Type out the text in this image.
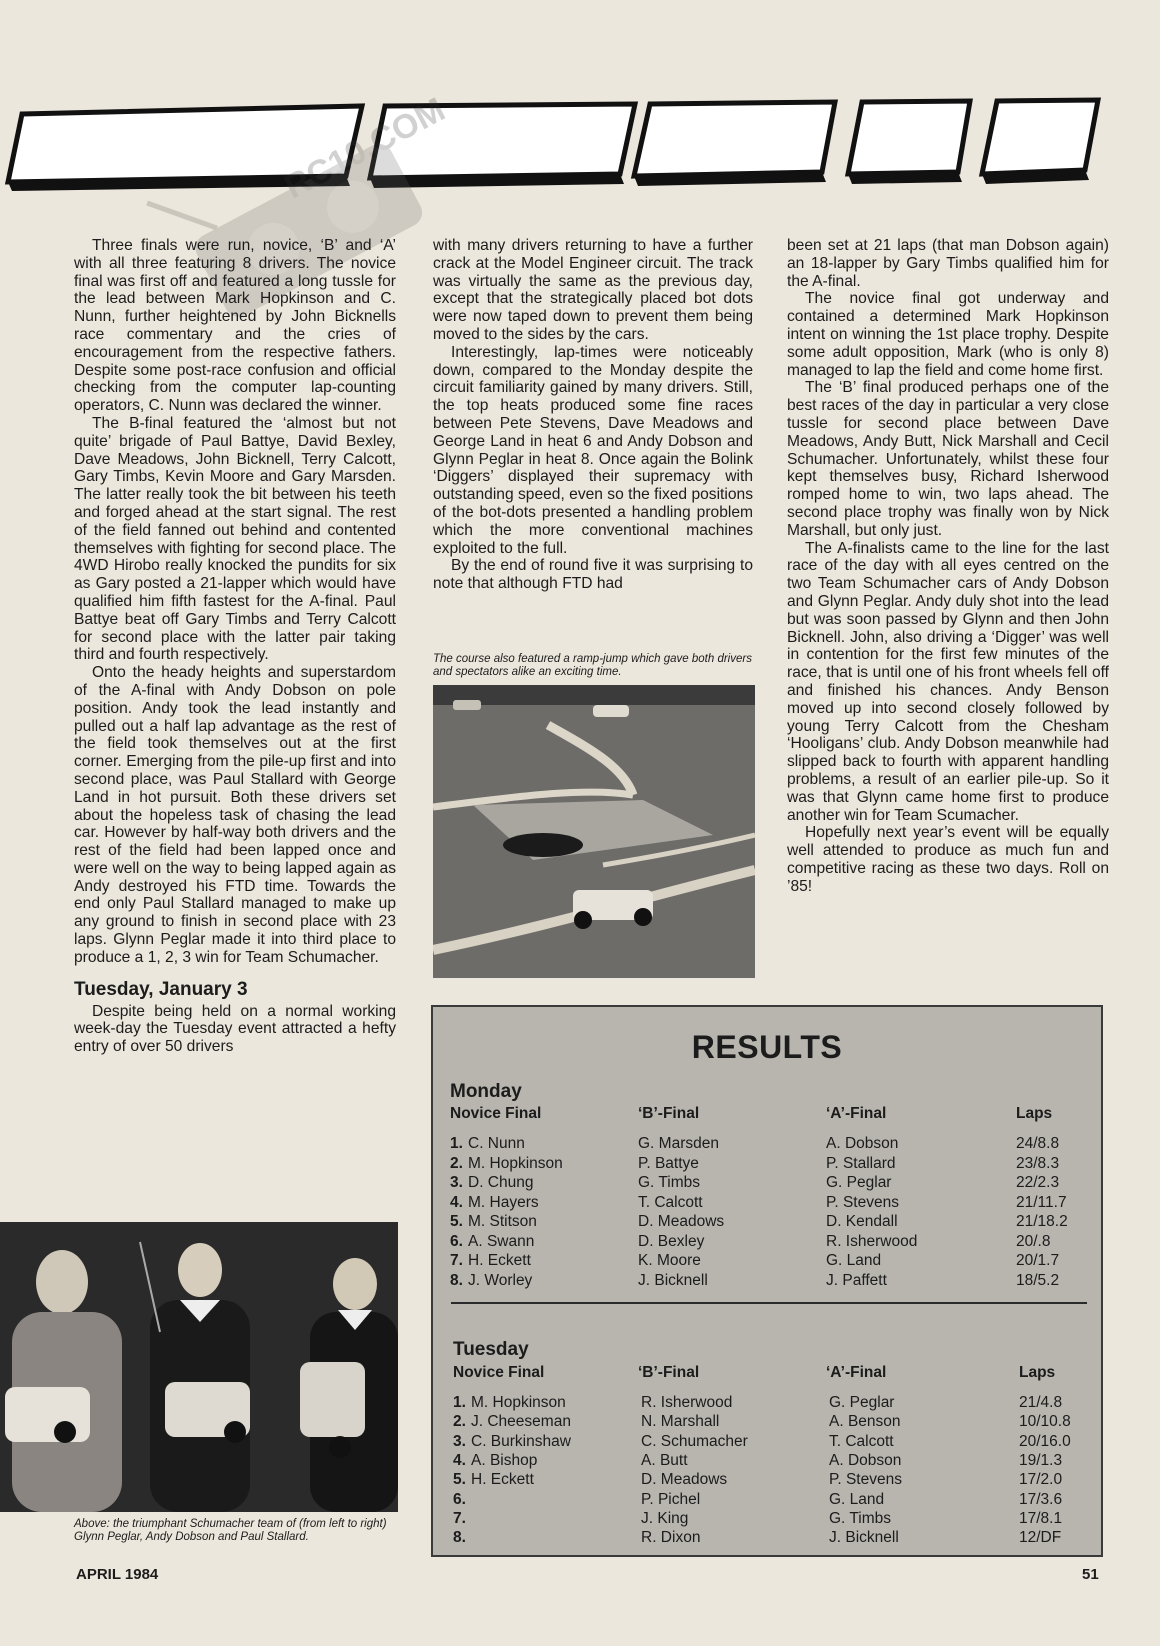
RC10.COM

Three finals were run, novice, ‘B’ and ‘A’ with all three featuring 8 drivers. The novice final was first off and featured a long tussle for the lead between Mark Hopkinson and C. Nunn, further heightened by John Bicknells race commentary and the cries of encouragement from the respective fathers. Despite some post-race confusion and official checking from the computer lap-counting operators, C. Nunn was declared the winner.

The B-final featured the ‘almost but not quite’ brigade of Paul Battye, David Bexley, Dave Meadows, John Bicknell, Terry Calcott, Gary Timbs, Kevin Moore and Gary Marsden. The latter really took the bit between his teeth and forged ahead at the start signal. The rest of the field fanned out behind and contented themselves with fighting for second place. The 4WD Hirobo really knocked the pundits for six as Gary posted a 21-lapper which would have qualified him fifth fastest for the A-final. Paul Battye beat off Gary Timbs and Terry Calcott for second place with the latter pair taking third and fourth respectively.

Onto the heady heights and superstardom of the A-final with Andy Dobson on pole position. Andy took the lead instantly and pulled out a half lap advantage as the rest of the field took themselves out at the first corner. Emerging from the pile-up first and into second place, was Paul Stallard with George Land in hot pursuit. Both these drivers set about the hopeless task of chasing the lead car. However by half-way both drivers and the rest of the field had been lapped once and were well on the way to being lapped again as Andy destroyed his FTD time. Towards the end only Paul Stallard managed to make up any ground to finish in second place with 23 laps. Glynn Peglar made it into third place to produce a 1, 2, 3 win for Team Schumacher.

Tuesday, January 3

Despite being held on a normal working week-day the Tuesday event attracted a hefty entry of over 50 drivers

Above: the triumphant Schumacher team of (from left to right) Glynn Peglar, Andy Dobson and Paul Stallard.

with many drivers returning to have a further crack at the Model Engineer circuit. The track was virtually the same as the previous day, except that the strategically placed bot dots were now taped down to prevent them being moved to the sides by the cars.

Interestingly, lap-times were noticeably down, compared to the Monday despite the circuit familiarity gained by many drivers. Still, the top heats produced some fine races between Pete Stevens, Dave Meadows and George Land in heat 6 and Andy Dobson and Glynn Peglar in heat 8. Once again the Bolink ‘Diggers’ displayed their supremacy with outstanding speed, even so the fixed positions of the bot-dots presented a handling problem which the more conventional machines exploited to the full.

By the end of round five it was surprising to note that although FTD had

The course also featured a ramp-jump which gave both drivers and spectators alike an exciting time.

been set at 21 laps (that man Dobson again) an 18-lapper by Gary Timbs qualified him for the A-final.

The novice final got underway and contained a determined Mark Hopkinson intent on winning the 1st place trophy. Despite some adult opposition, Mark (who is only 8) managed to lap the field and come home first.

The ‘B’ final produced perhaps one of the best races of the day in particular a very close tussle for second place between Dave Meadows, Andy Butt, Nick Marshall and Cecil Schumacher. Unfortunately, whilst these four kept themselves busy, Richard Isherwood romped home to win, two laps ahead. The second place trophy was finally won by Nick Marshall, but only just.

The A-finalists came to the line for the last race of the day with all eyes centred on the two Team Schumacher cars of Andy Dobson and Glynn Peglar. Andy duly shot into the lead but was soon passed by Glynn and then John Bicknell. John, also driving a ‘Digger’ was well in contention for the first few minutes of the race, that is until one of his front wheels fell off and finished his chances. Andy Benson moved up into second closely followed by young Terry Calcott from the Chesham ‘Hooligans’ club. Andy Dobson meanwhile had slipped back to fourth with apparent handling problems, a result of an earlier pile-up. So it was that Glynn came home first to produce another win for Team Scumacher.

Hopefully next year’s event will be equally well attended to produce as much fun and competitive racing as these two days. Roll on ’85!

RESULTS
Monday
Novice Final	‘B’-Final	‘A’-Final	Laps
1. C. Nunn	G. Marsden	A. Dobson	24/8.8
2. M. Hopkinson	P. Battye	P. Stallard	23/8.3
3. D. Chung	G. Timbs	G. Peglar	22/2.3
4. M. Hayers	T. Calcott	P. Stevens	21/11.7
5. M. Stitson	D. Meadows	D. Kendall	21/18.2
6. A. Swann	D. Bexley	R. Isherwood	20/.8
7. H. Eckett	K. Moore	G. Land	20/1.7
8. J. Worley	J. Bicknell	J. Paffett	18/5.2
Tuesday
Novice Final	‘B’-Final	‘A’-Final	Laps
1. M. Hopkinson	R. Isherwood	G. Peglar	21/4.8
2. J. Cheeseman	N. Marshall	A. Benson	10/10.8
3. C. Burkinshaw	C. Schumacher	T. Calcott	20/16.0
4. A. Bishop	A. Butt	A. Dobson	19/1.3
5. H. Eckett	D. Meadows	P. Stevens	17/2.0
6.	P. Pichel	G. Land	17/3.6
7.	J. King	G. Timbs	17/8.1
8.	R. Dixon	J. Bicknell	12/DF
APRIL 1984	51
